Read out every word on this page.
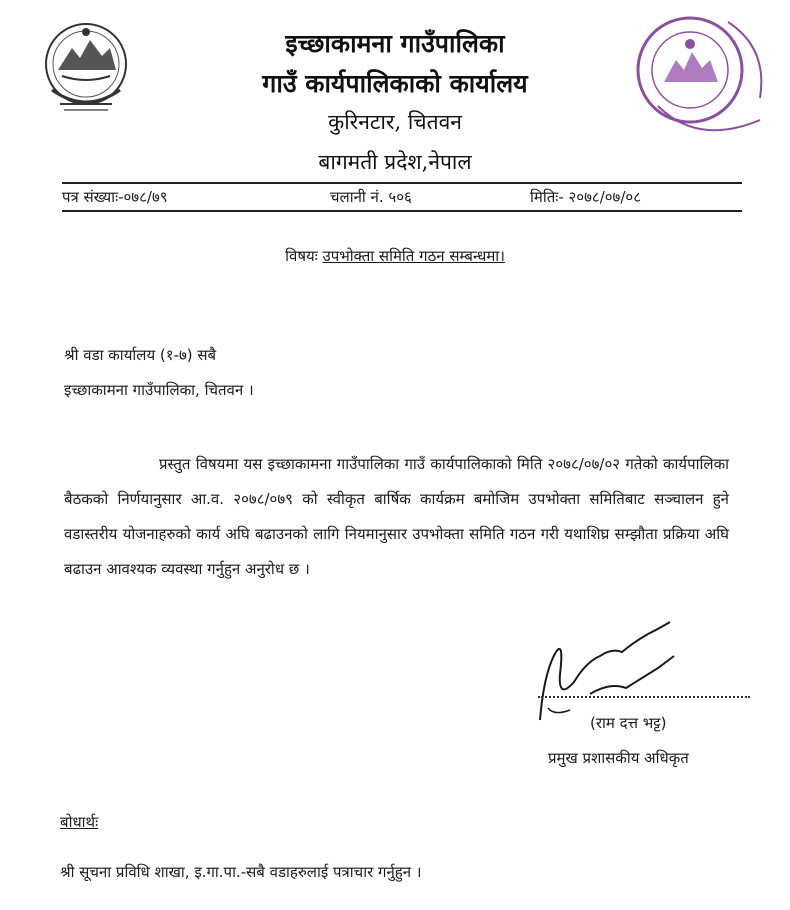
इच्छाकामना गाउँपालिका
गाउँ कार्यपालिकाको कार्यालय
कुरिनटार, चितवन
बागमती प्रदेश,नेपाल
पत्र संख्याः-०७८/७९	चलानी नं. ५०६	मितिः- २०७८/०७/०८
विषयः उपभोक्ता समिति गठन सम्बन्धमा।
श्री वडा कार्यालय (१-७) सबै
इच्छाकामना गाउँपालिका, चितवन ।

प्रस्तुत विषयमा यस इच्छाकामना गाउँपालिका गाउँ कार्यपालिकाको मिति २०७८/०७/०२ गतेको कार्यपालिका बैठकको निर्णयानुसार आ.व. २०७८/०७९ को स्वीकृत बार्षिक कार्यक्रम बमोजिम उपभोक्ता समितिबाट सञ्चालन हुने वडास्तरीय योजनाहरुको कार्य अघि बढाउनको लागि नियमानुसार उपभोक्ता समिति गठन गरी यथाशिघ्र सम्झौता प्रक्रिया अघि बढाउन आवश्यक व्यवस्था गर्नुहुन अनुरोध छ ।

(राम दत्त भट्ट)
प्रमुख प्रशासकीय अधिकृत
बोधार्थः
श्री सूचना प्रविधि शाखा, इ.गा.पा.-सबै वडाहरुलाई पत्राचार गर्नुहुन ।
